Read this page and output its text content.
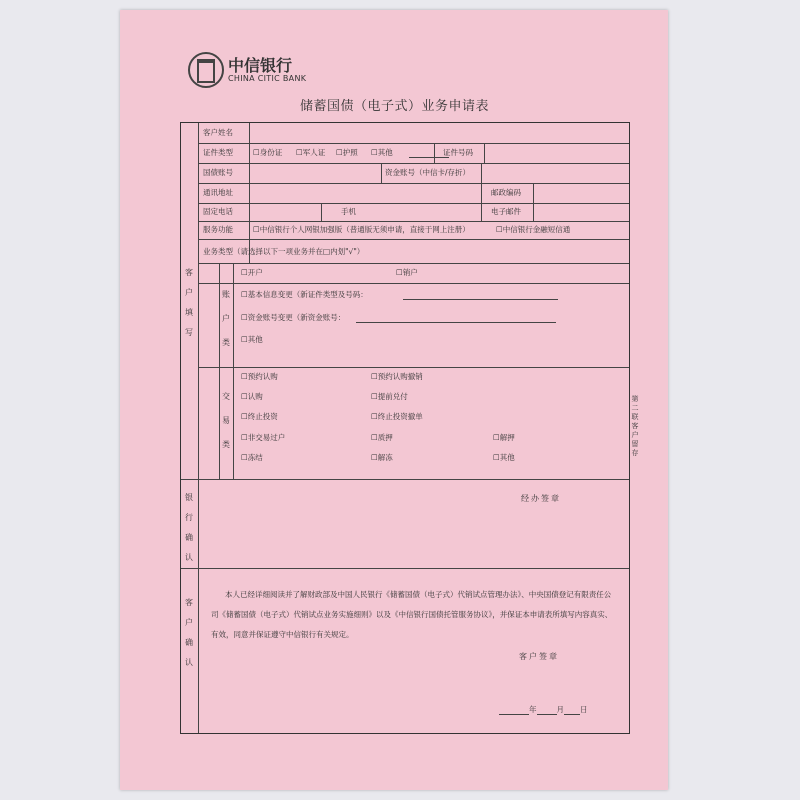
中信银行
CHINA CITIC BANK
储蓄国债（电子式）业务申请表
第二联 客户留存
客户填写
银行确认
客户确认
客户姓名
证件类型	☐ 身份证	☐ 军人证	☐ 护照	☐ 其他	证件号码
国债账号	资金账号（中信卡/存折）
通讯地址	邮政编码
固定电话	手机	电子邮件
服务功能	☐ 中信银行个人网银加强版（普通版无须申请，直接于网上注册）	☐ 中信银行金融短信通
业务类型（请选择以下一项业务并在□内划"√"）
账户类
☐ 开户	☐ 销户
☐ 基本信息变更（新证件类型及号码：
☐ 资金账号变更（新资金账号：
☐ 其他
交易类
☐ 预约认购	☐ 预约认购撤销
☐ 认购	☐ 提前兑付
☐ 终止投资	☐ 终止投资撤单
☐ 非交易过户	☐ 质押	☐ 解押
☐ 冻结	☐ 解冻	☐ 其他
经办签章
本人已经详细阅读并了解财政部及中国人民银行《储蓄国债（电子式）代销试点管理办法》、中央国债登记有限责任公司《储蓄国债（电子式）代销试点业务实施细则》以及《中信银行国债托管服务协议》，并保证本申请表所填写内容真实、有效，同意并保证遵守中信银行有关规定。
客户签章
年	月 日
